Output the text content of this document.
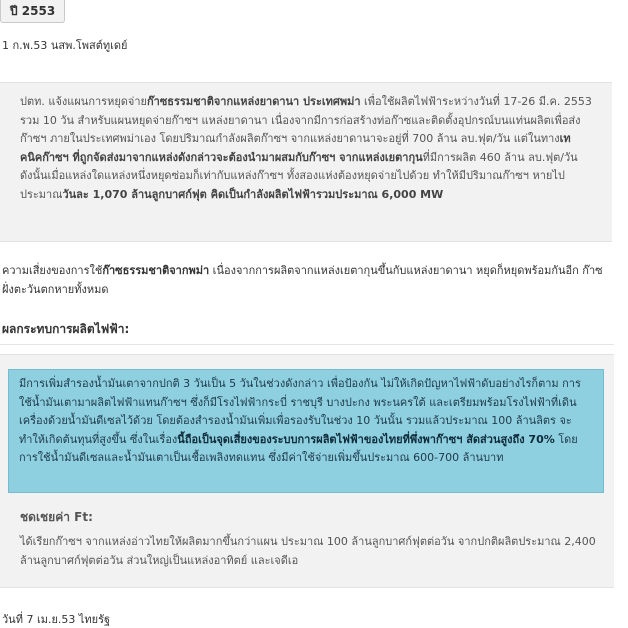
ปี 2553
1 ก.พ.53 นสพ.โพสต์ทูเดย์
ปตท. แจ้งแผนการหยุดจ่ายก๊าซธรรมชาติจากแหล่งยาดานา ประเทศพม่า เพื่อใช้ผลิตไฟฟ้าระหว่างวันที่ 17-26 มี.ค. 2553 รวม 10 วัน สำหรับแผนหยุดจ่ายก๊าซฯ แหล่งยาดานา เนื่องจากมีการก่อสร้างท่อก๊าซและติดตั้งอุปกรณ์บนแท่นผลิตเพื่อส่งก๊าซฯ ภายในประเทศพม่าเอง โดยปริมาณกำลังผลิตก๊าซฯ จากแหล่งยาดานาจะอยู่ที่ 700 ล้าน ลบ.ฟุต/วัน แต่ในทางเทคนิคก๊าซฯ ที่ถูกจัดส่งมาจากแหล่งดังกล่าวจะต้องนำมาผสมกับก๊าซฯ จากแหล่งเยตากุนที่มีการผลิต 460 ล้าน ลบ.ฟุต/วัน ดังนั้นเมื่อแหล่งใดแหล่งหนึ่งหยุดซ่อมก็เท่ากับแหล่งก๊าซฯ ทั้งสองแห่งต้องหยุดจ่ายไปด้วย ทำให้มีปริมาณก๊าซฯ หายไปประมาณวันละ 1,070 ล้านลูกบาศก์ฟุต คิดเป็นกำลังผลิตไฟฟ้ารวมประมาณ 6,000 MW
ความเสี่ยงของการใช้ก๊าซธรรมชาติจากพม่า เนื่องจากการผลิตจากแหล่งเยตากุนขึ้นกับแหล่งยาดานา หยุดก็หยุดพร้อมกันอีก ก๊าซฝั่งตะวันตกหายทั้งหมด
ผลกระทบการผลิตไฟฟ้า:
มีการเพิ่มสำรองน้ำมันเตาจากปกติ 3 วันเป็น 5 วันในช่วงดังกล่าว เพื่อป้องกัน ไม่ให้เกิดปัญหาไฟฟ้าดับอย่างไรก็ตาม การใช้น้ำมันเตามาผลิตไฟฟ้าแทนก๊าซฯ ซึ่งก็มีโรงไฟฟ้ากระบี่ ราชบุรี บางปะกง พระนครใต้ และเตรียมพร้อมโรงไฟฟ้าที่เดินเครื่องด้วยน้ำมันดีเซลไว้ด้วย โดยต้องสำรองน้ำมันเพิ่มเพื่อรองรับในช่วง 10 วันนั้น รวมแล้วประมาณ 100 ล้านลิตร จะทำให้เกิดต้นทุนที่สูงขึ้น ซึ่งในเรื่องนี้ถือเป็นจุดเสี่ยงของระบบการผลิตไฟฟ้าของไทยที่พึ่งพาก๊าซฯ สัดส่วนสูงถึง 70% โดยการใช้น้ำมันดีเซลและน้ำมันเตาเป็นเชื้อเพลิงทดแทน ซึ่งมีค่าใช้จ่ายเพิ่มขึ้นประมาณ 600-700 ล้านบาท
ชดเชยค่า Ft:
ได้เรียกก๊าซฯ จากแหล่งอ่าวไทยให้ผลิตมากขึ้นกว่าแผน ประมาณ 100 ล้านลูกบาศก์ฟุตต่อวัน จากปกติผลิตประมาณ 2,400 ล้านลูกบาศก์ฟุตต่อวัน ส่วนใหญ่เป็นแหล่งอาทิตย์ และเจดีเอ
วันที่ 7 เม.ย.53 ไทยรัฐ
